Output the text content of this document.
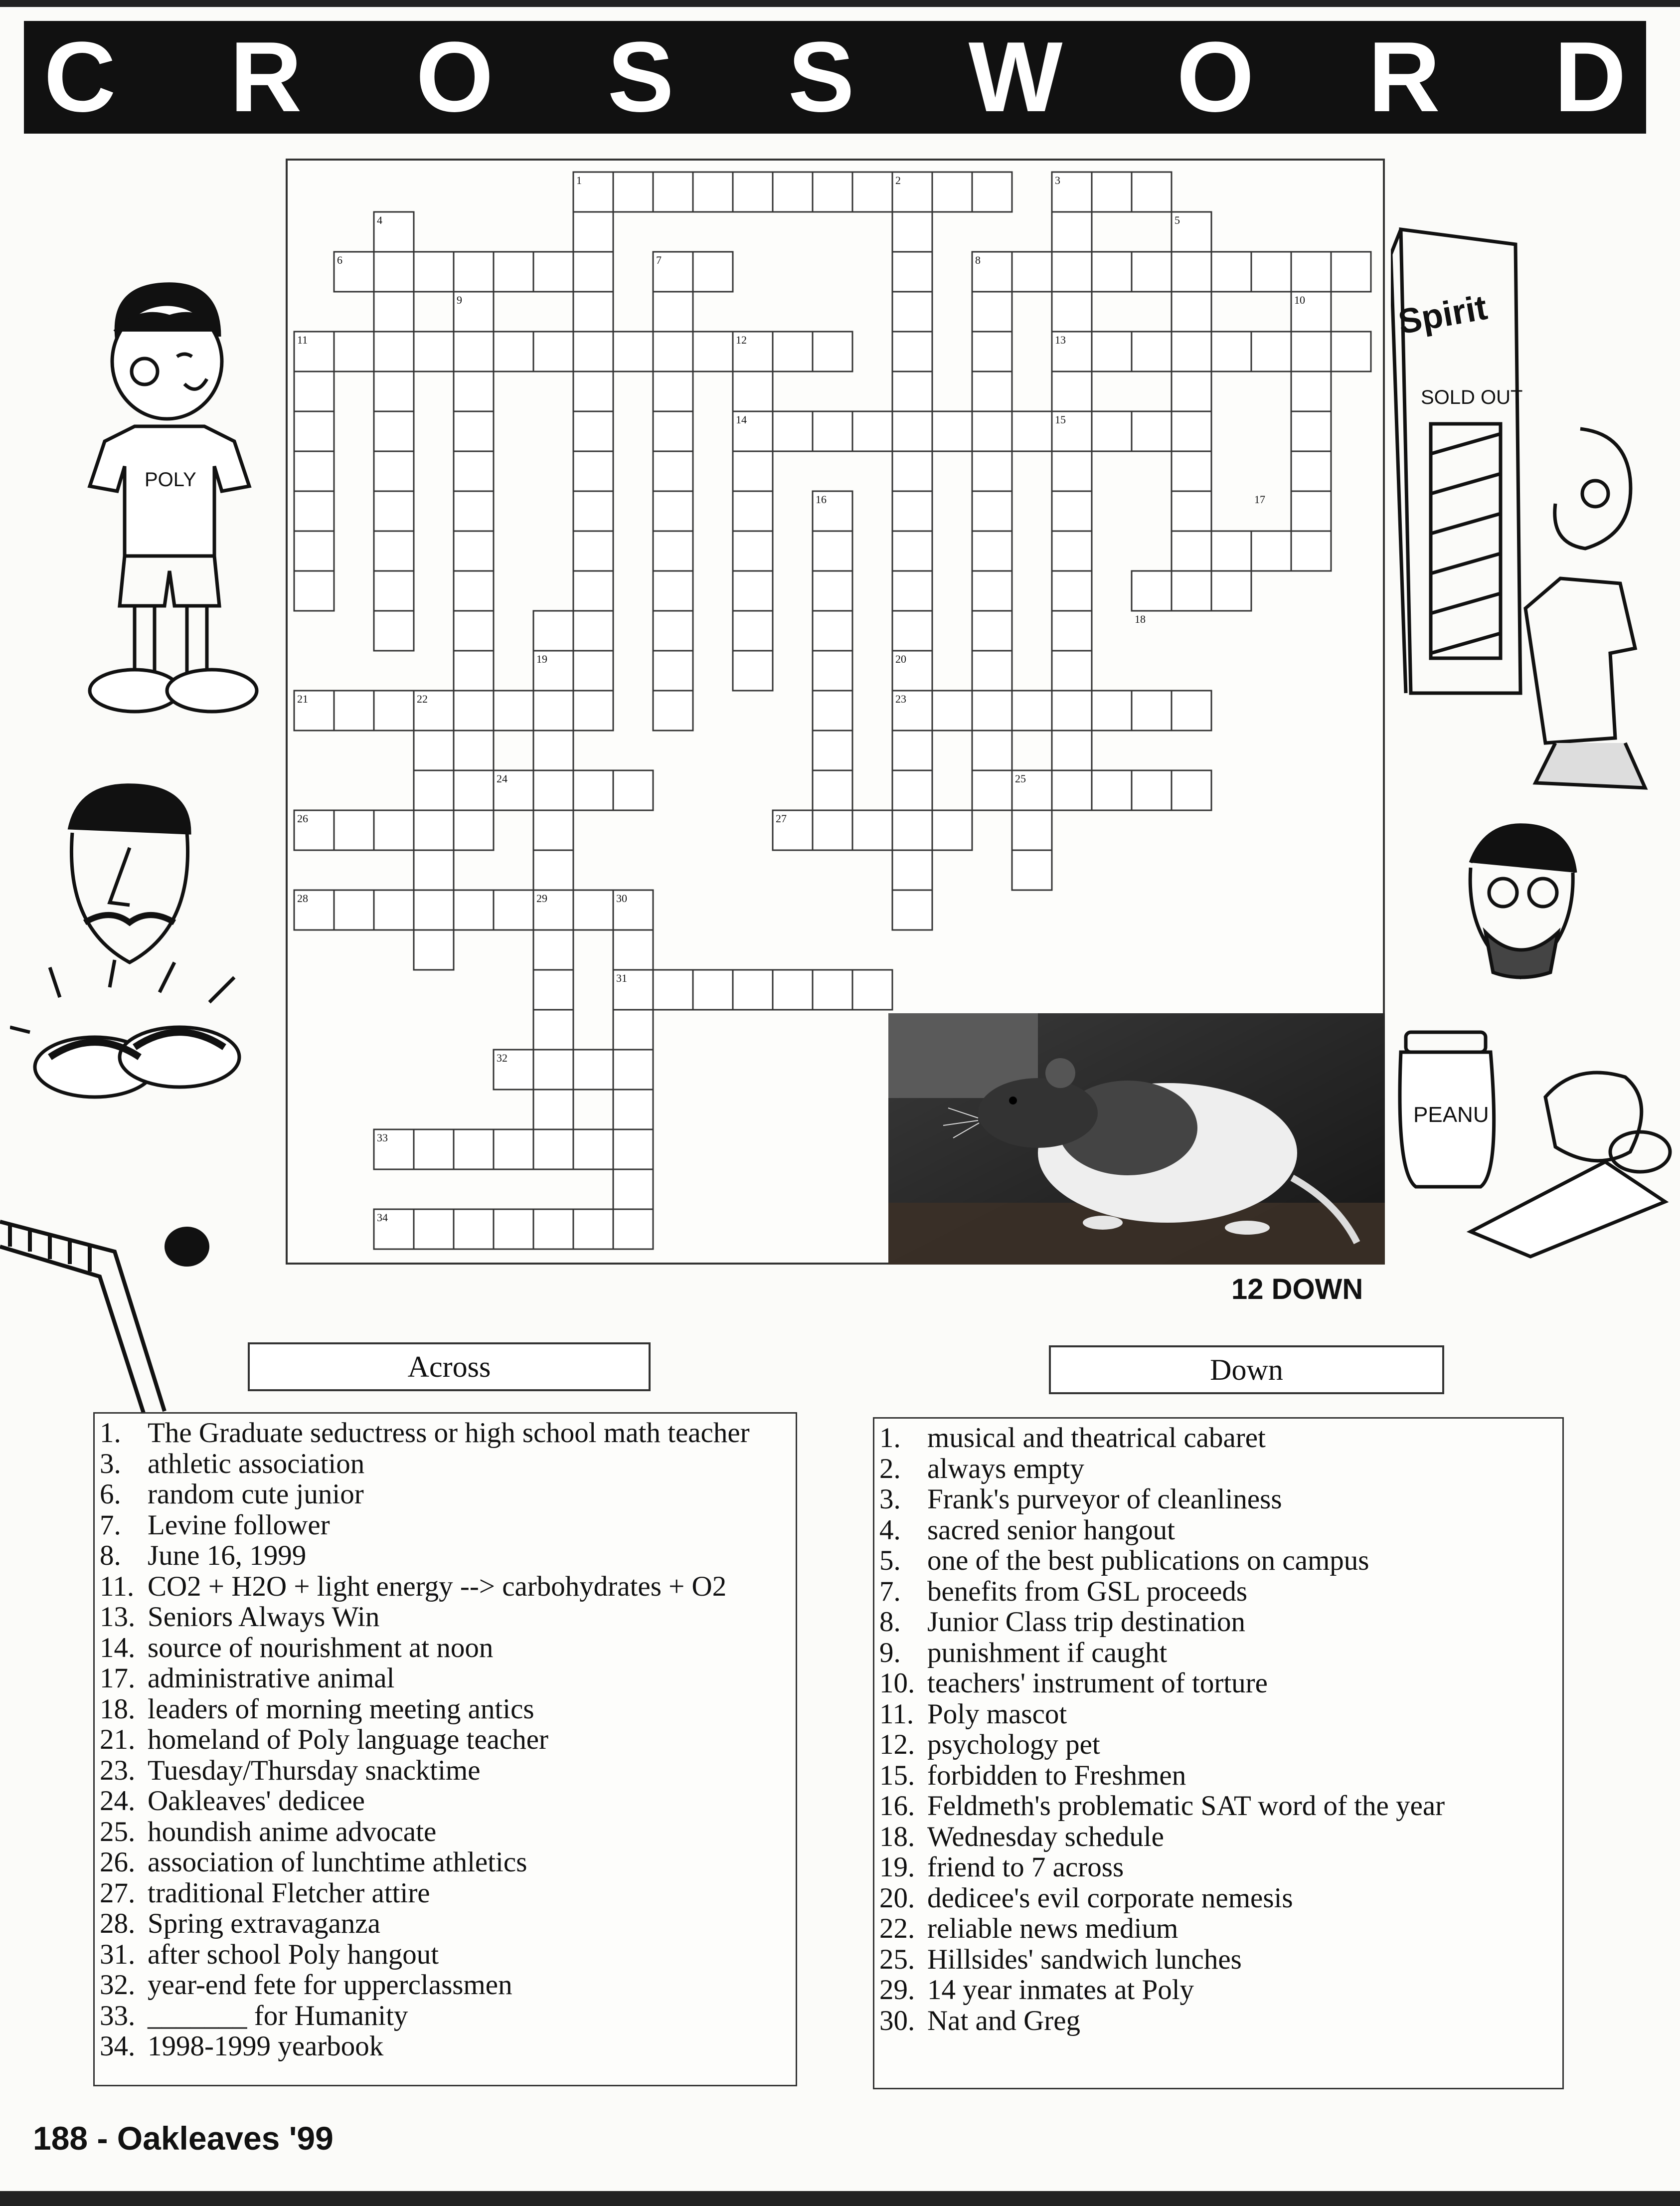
C R O S S W O R D
1	2	3
4	5
6	7	8
9	10
11	12	13
14	15
16	17
18
19	20
21	22	23
24	25
26	27
28	29	30
31
32
33
34
12 DOWN
POLY
Spirit
SOLD OUT
PEANU
Across	Down
1. The Graduate seductress or high school math teacher
3. athletic association
6. random cute junior
7. Levine follower
8. June 16, 1999
11. CO2 + H2O + light energy --> carbohydrates + O2
13. Seniors Always Win
14. source of nourishment at noon
17. administrative animal
18. leaders of morning meeting antics
21. homeland of Poly language teacher
23. Tuesday/Thursday snacktime
24. Oakleaves' dedicee
25. houndish anime advocate
26. association of lunchtime athletics
27. traditional Fletcher attire
28. Spring extravaganza
31. after school Poly hangout
32. year-end fete for upperclassmen
33. _______ for Humanity
34. 1998-1999 yearbook
1. musical and theatrical cabaret
2. always empty
3. Frank's purveyor of cleanliness
4. sacred senior hangout
5. one of the best publications on campus
7. benefits from GSL proceeds
8. Junior Class trip destination
9. punishment if caught
10. teachers' instrument of torture
11. Poly mascot
12. psychology pet
15. forbidden to Freshmen
16. Feldmeth's problematic SAT word of the year
18. Wednesday schedule
19. friend to 7 across
20. dedicee's evil corporate nemesis
22. reliable news medium
25. Hillsides' sandwich lunches
29. 14 year inmates at Poly
30. Nat and Greg
188 - Oakleaves '99
